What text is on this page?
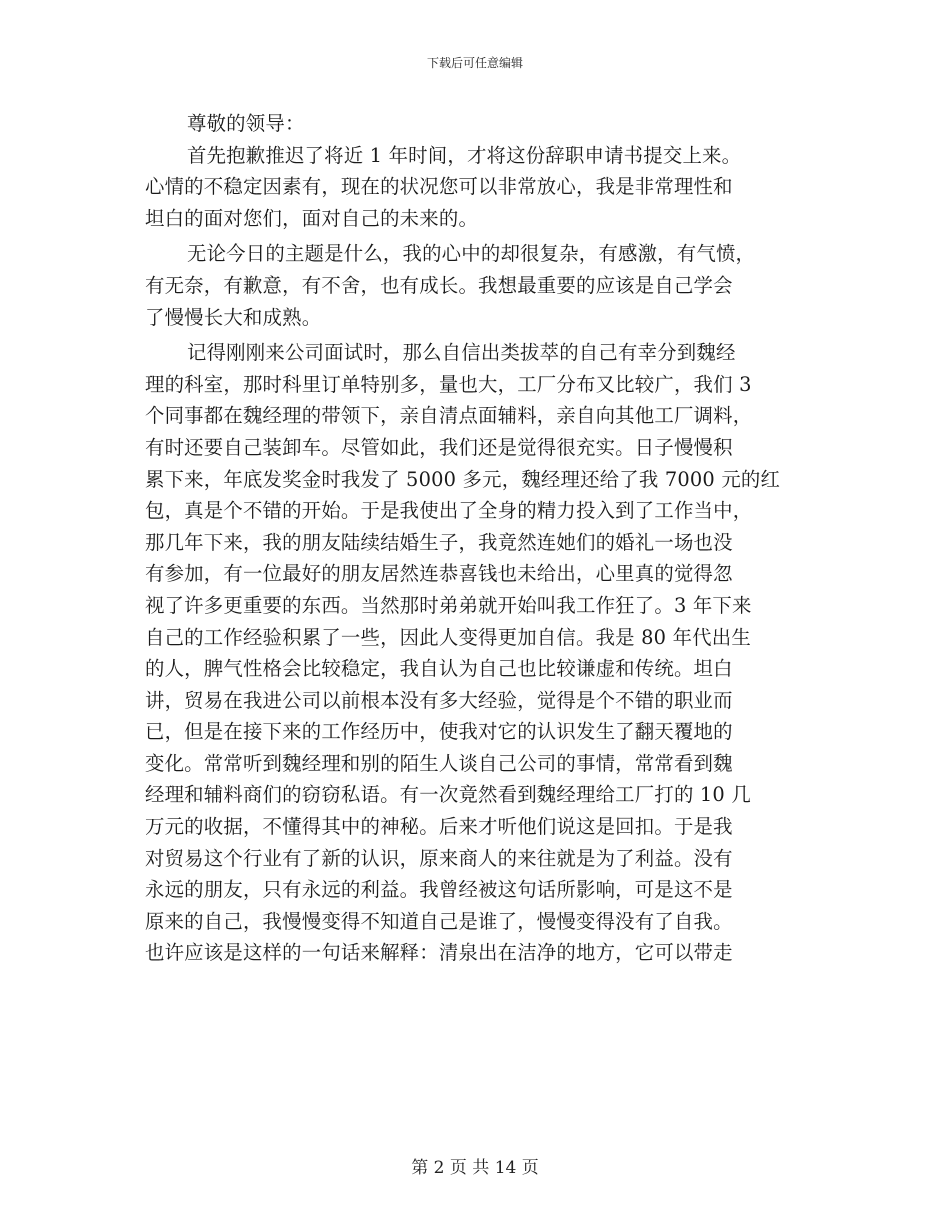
下载后可任意编辑
尊敬的领导：
首先抱歉推迟了将近 1 年时间，才将这份辞职申请书提交上来。
心情的不稳定因素有，现在的状况您可以非常放心，我是非常理性和
坦白的面对您们，面对自己的未来的。
无论今日的主题是什么，我的心中的却很复杂，有感激，有气愤，
有无奈，有歉意，有不舍，也有成长。我想最重要的应该是自己学会
了慢慢长大和成熟。
记得刚刚来公司面试时，那么自信出类拔萃的自己有幸分到魏经
理的科室，那时科里订单特别多，量也大，工厂分布又比较广，我们 3
个同事都在魏经理的带领下，亲自清点面辅料，亲自向其他工厂调料，
有时还要自己装卸车。尽管如此，我们还是觉得很充实。日子慢慢积
累下来，年底发奖金时我发了 5000 多元，魏经理还给了我 7000 元的红
包，真是个不错的开始。于是我使出了全身的精力投入到了工作当中，
那几年下来，我的朋友陆续结婚生子，我竟然连她们的婚礼一场也没
有参加，有一位最好的朋友居然连恭喜钱也未给出，心里真的觉得忽
视了许多更重要的东西。当然那时弟弟就开始叫我工作狂了。3 年下来
自己的工作经验积累了一些，因此人变得更加自信。我是 80 年代出生
的人，脾气性格会比较稳定，我自认为自己也比较谦虚和传统。坦白
讲，贸易在我进公司以前根本没有多大经验，觉得是个不错的职业而
已，但是在接下来的工作经历中，使我对它的认识发生了翻天覆地的
变化。常常听到魏经理和别的陌生人谈自己公司的事情，常常看到魏
经理和辅料商们的窃窃私语。有一次竟然看到魏经理给工厂打的 10 几
万元的收据，不懂得其中的神秘。后来才听他们说这是回扣。于是我
对贸易这个行业有了新的认识，原来商人的来往就是为了利益。没有
永远的朋友，只有永远的利益。我曾经被这句话所影响，可是这不是
原来的自己，我慢慢变得不知道自己是谁了，慢慢变得没有了自我。
也许应该是这样的一句话来解释：清泉出在洁净的地方，它可以带走
第 2 页 共 14 页
